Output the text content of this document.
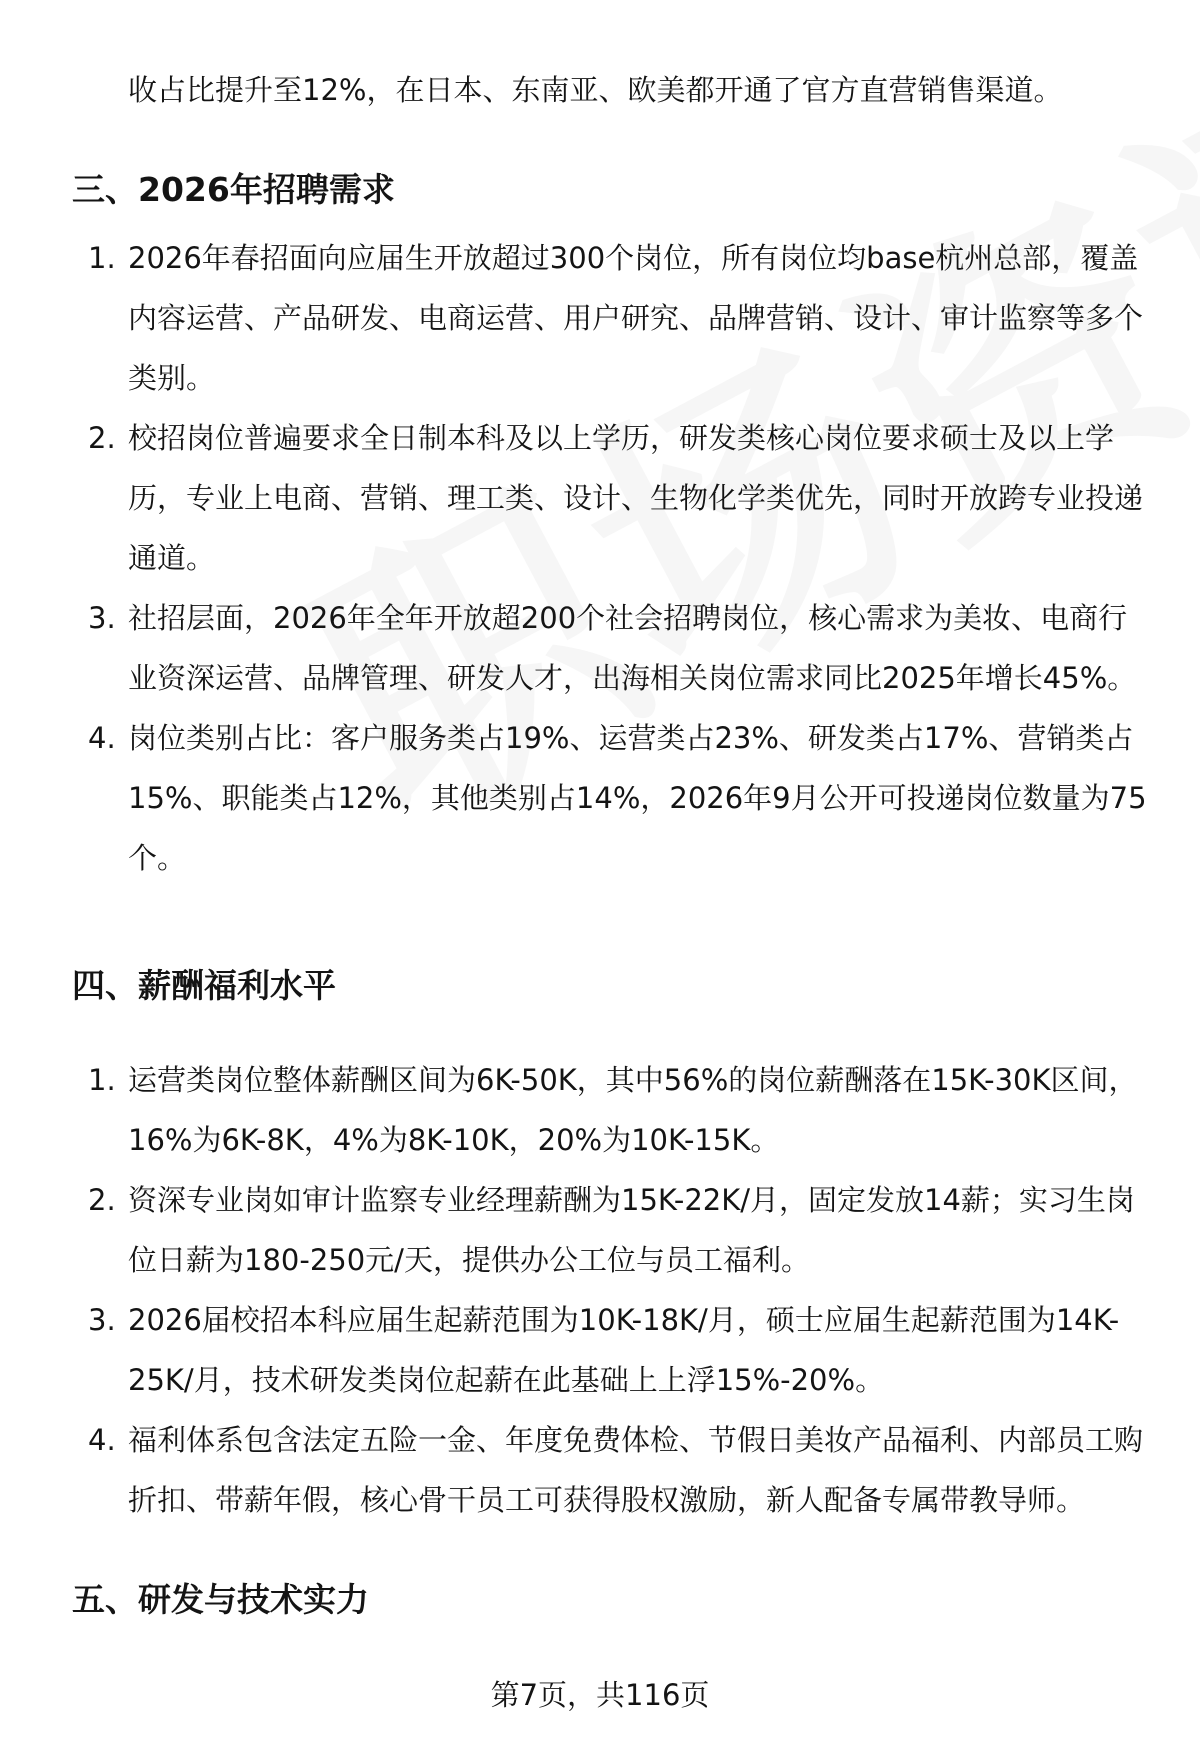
收占比提升至12%，在日本、东南亚、欧美都开通了官方直营销售渠道。

三、2026年招聘需求
1. 2026年春招面向应届生开放超过300个岗位，所有岗位均base杭州总部，覆盖内容运营、产品研发、电商运营、用户研究、品牌营销、设计、审计监察等多个类别。
2. 校招岗位普遍要求全日制本科及以上学历，研发类核心岗位要求硕士及以上学历，专业上电商、营销、理工类、设计、生物化学类优先，同时开放跨专业投递通道。
3. 社招层面，2026年全年开放超200个社会招聘岗位，核心需求为美妆、电商行业资深运营、品牌管理、研发人才，出海相关岗位需求同比2025年增长45%。
4. 岗位类别占比：客户服务类占19%、运营类占23%、研发类占17%、营销类占15%、职能类占12%，其他类别占14%，2026年9月公开可投递岗位数量为75个。
四、薪酬福利水平
1. 运营类岗位整体薪酬区间为6K-50K，其中56%的岗位薪酬落在15K-30K区间，16%为6K-8K，4%为8K-10K，20%为10K-15K。
2. 资深专业岗如审计监察专业经理薪酬为15K-22K/月，固定发放14薪；实习生岗位日薪为180-250元/天，提供办公工位与员工福利。
3. 2026届校招本科应届生起薪范围为10K-18K/月，硕士应届生起薪范围为14K-25K/月，技术研发类岗位起薪在此基础上上浮15%-20%。
4. 福利体系包含法定五险一金、年度免费体检、节假日美妆产品福利、内部员工购折扣、带薪年假，核心骨干员工可获得股权激励，新人配备专属带教导师。
五、研发与技术实力
第7页，共116页
